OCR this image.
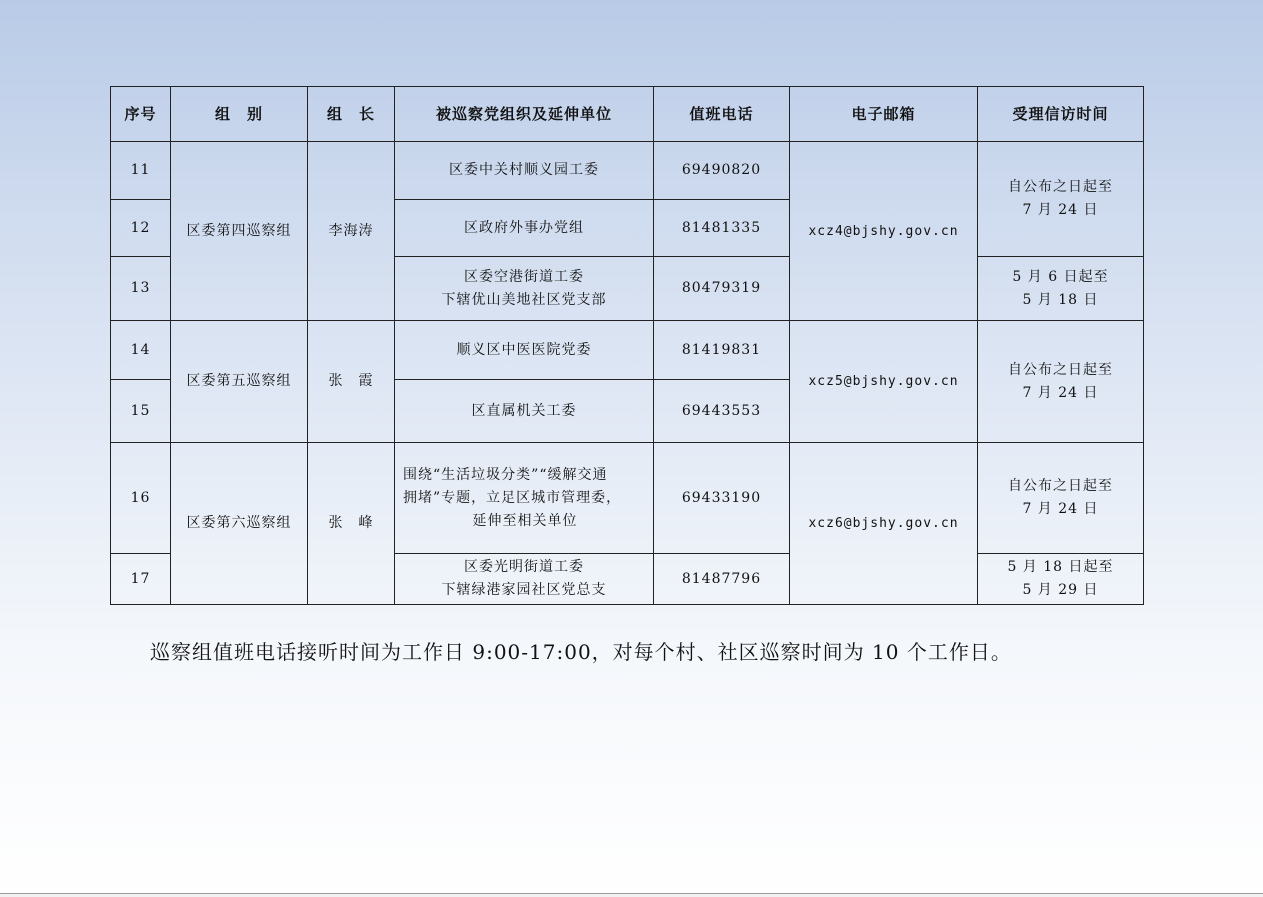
序号	组　别	组　长	被巡察党组织及延伸单位	值班电话	电子邮箱	受理信访时间
11	区委第四巡察组	李海涛	区委中关村顺义园工委	69490820	xcz4@bjshy.gov.cn	自公布之日起至
7 月 24 日

12			区政府外事办党组	81481335		
13			区委空港街道工委
下辖优山美地社区党支部	80479319		5 月 6 日起至
5 月 18 日

14	区委第五巡察组	张　霞	顺义区中医医院党委	81419831	xcz5@bjshy.gov.cn	自公布之日起至
7 月 24 日

15			区直属机关工委	69443553		
16	区委第六巡察组	张　峰	围绕“生活垃圾分类”“缓解交通
拥堵”专题，立足区城市管理委，
延伸至相关单位	69433190	xcz6@bjshy.gov.cn	自公布之日起至
7 月 24 日

17			区委光明街道工委
下辖绿港家园社区党总支	81487796		5 月 18 日起至
5 月 29 日
巡察组值班电话接听时间为工作日 9:00-17:00，对每个村、社区巡察时间为 10 个工作日。
